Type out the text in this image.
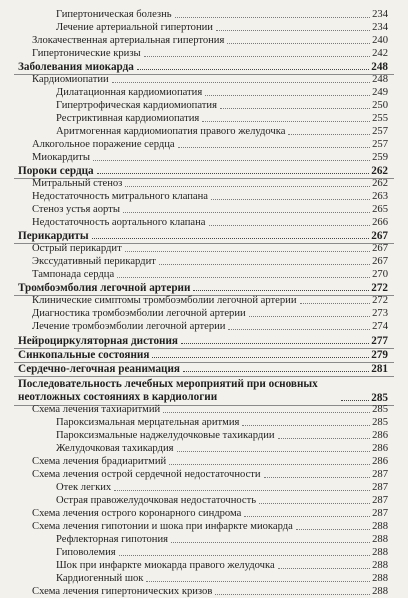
Гипертоническая болезнь	234
Лечение артериальной гипертонии	234
Злокачественная артериальная гипертония	240
Гипертонические кризы	242
Заболевания миокарда	248
Кардиомиопатии	248
Дилатационная кардиомиопатия	249
Гипертрофическая кардиомиопатия	250
Рестриктивная кардиомиопатия	255
Аритмогенная кардиомиопатия правого желудочка	257
Алкогольное поражение сердца	257
Миокардиты	259
Пороки сердца	262
Митральный стеноз	262
Недостаточность митрального клапана	263
Стеноз устья аорты	265
Недостаточность аортального клапана	266
Перикардиты	267
Острый перикардит	267
Экссудативный перикардит	267
Тампонада сердца	270
Тромбоэмболия легочной артерии	272
Клинические симптомы тромбоэмболии легочной артерии	272
Диагностика тромбоэмболии легочной артерии	273
Лечение тромбоэмболии легочной артерии	274
Нейроциркуляторная дистония	277
Синкопальные состояния	279
Сердечно-легочная реанимация	281
Последовательность лечебных мероприятий при основных неотложных состояниях в кардиологии	285
Схема лечения тахиаритмий	285
Пароксизмальная мерцательная аритмия	285
Пароксизмальные наджелудочковые тахикардии	286
Желудочковая тахикардия	286
Схема лечения брадиаритмий	286
Схема лечения острой сердечной недостаточности	287
Отек легких	287
Острая правожелудочковая недостаточность	287
Схема лечения острого коронарного синдрома	287
Схема лечения гипотонии и шока при инфаркте миокарда	288
Рефлекторная гипотония	288
Гиповолемия	288
Шок при инфаркте миокарда правого желудочка	288
Кардиогенный шок	288
Схема лечения гипертонических кризов	288
